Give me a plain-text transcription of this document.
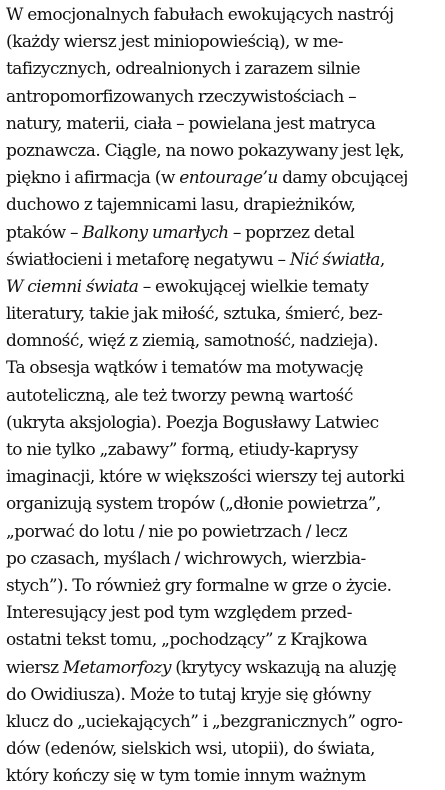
W emocjonalnych fabułach ewokujących nastrój
(każdy wiersz jest miniopowieścią), w me-
tafizycznych, odrealnionych i zarazem silnie
antropomorfizowanych rzeczywistościach –
natury, materii, ciała – powielana jest matryca
poznawcza. Ciągle, na nowo pokazywany jest lęk,
piękno i afirmacja (w entourage’u damy obcującej
duchowo z tajemnicami lasu, drapieżników,
ptaków – Balkony umarłych – poprzez detal
światłocieni i metaforę negatywu – Nić światła,
W ciemni świata – ewokującej wielkie tematy
literatury, takie jak miłość, sztuka, śmierć, bez-
domność, więź z ziemią, samotność, nadzieja).
Ta obsesja wątków i tematów ma motywację
autoteliczną, ale też tworzy pewną wartość
(ukryta aksjologia). Poezja Bogusławy Latwiec
to nie tylko „zabawy” formą, etiudy-kaprysy
imaginacji, które w większości wierszy tej autorki
organizują system tropów („dłonie powietrza”,
„porwać do lotu / nie po powietrzach / lecz
po czasach, myślach / wichrowych, wierzbia-
stych”). To również gry formalne w grze o życie.
Interesujący jest pod tym względem przed-
ostatni tekst tomu, „pochodzący” z Krajkowa
wiersz Metamorfozy (krytycy wskazują na aluzję
do Owidiusza). Może to tutaj kryje się główny
klucz do „uciekających” i „bezgranicznych” ogro-
dów (edenów, sielskich wsi, utopii), do świata,
który kończy się w tym tomie innym ważnym
